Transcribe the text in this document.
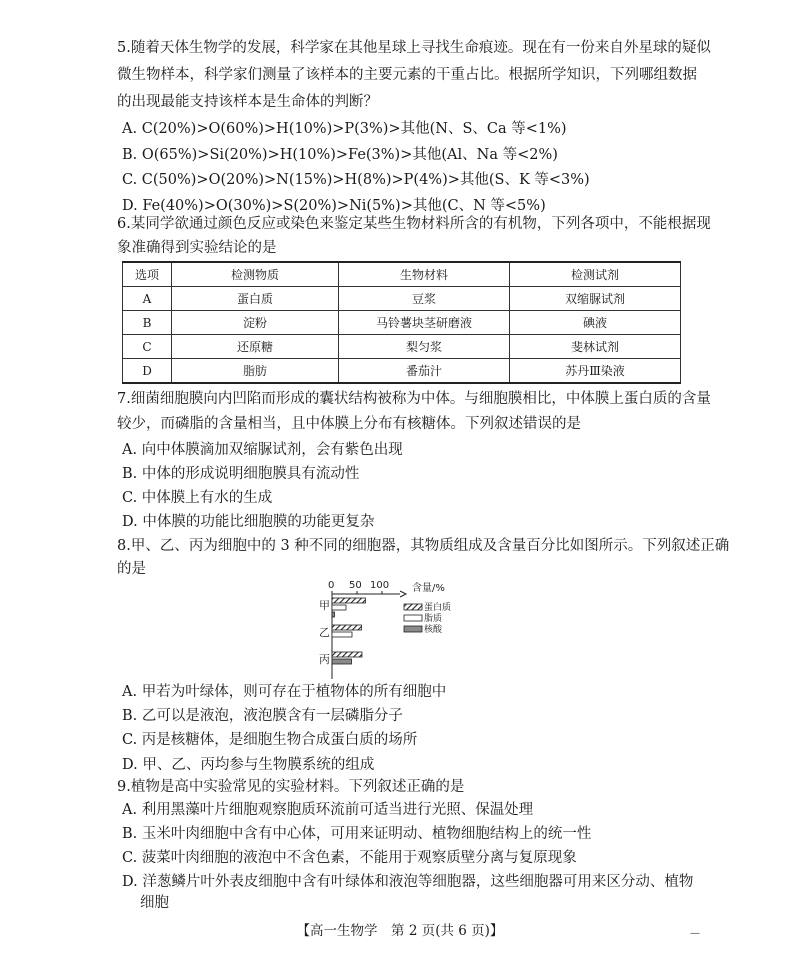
5.随着天体生物学的发展，科学家在其他星球上寻找生命痕迹。现在有一份来自外星球的疑似
微生物样本，科学家们测量了该样本的主要元素的干重占比。根据所学知识，下列哪组数据
的出现最能支持该样本是生命体的判断？
A. C(20%)>O(60%)>H(10%)>P(3%)>其他(N、S、Ca 等<1%)
B. O(65%)>Si(20%)>H(10%)>Fe(3%)>其他(Al、Na 等<2%)
C. C(50%)>O(20%)>N(15%)>H(8%)>P(4%)>其他(S、K 等<3%)
D. Fe(40%)>O(30%)>S(20%)>Ni(5%)>其他(C、N 等<5%)
6.某同学欲通过颜色反应或染色来鉴定某些生物材料所含的有机物，下列各项中，不能根据现
象准确得到实验结论的是
选项	检测物质	生物材料	检测试剂
A	蛋白质	豆浆	双缩脲试剂
B	淀粉	马铃薯块茎研磨液	碘液
C	还原糖	梨匀浆	斐林试剂
D	脂肪	番茄汁	苏丹Ⅲ染液
7.细菌细胞膜向内凹陷而形成的囊状结构被称为中体。与细胞膜相比，中体膜上蛋白质的含量
较少，而磷脂的含量相当，且中体膜上分布有核糖体。下列叙述错误的是
A. 向中体膜滴加双缩脲试剂，会有紫色出现
B. 中体的形成说明细胞膜具有流动性
C. 中体膜上有水的生成
D. 中体膜的功能比细胞膜的功能更复杂
8.甲、乙、丙为细胞中的 3 种不同的细胞器，其物质组成及含量百分比如图所示。下列叙述正确
的是
0 50 100 含量/%
甲
乙
丙
蛋白质
脂质
核酸
A. 甲若为叶绿体，则可存在于植物体的所有细胞中
B. 乙可以是液泡，液泡膜含有一层磷脂分子
C. 丙是核糖体，是细胞生物合成蛋白质的场所
D. 甲、乙、丙均参与生物膜系统的组成
9.植物是高中实验常见的实验材料。下列叙述正确的是
A. 利用黑藻叶片细胞观察胞质环流前可适当进行光照、保温处理
B. 玉米叶肉细胞中含有中心体，可用来证明动、植物细胞结构上的统一性
C. 菠菜叶肉细胞的液泡中不含色素，不能用于观察质壁分离与复原现象
D. 洋葱鳞片叶外表皮细胞中含有叶绿体和液泡等细胞器，这些细胞器可用来区分动、植物
细胞
【高一生物学　第 2 页(共 6 页)】	—
